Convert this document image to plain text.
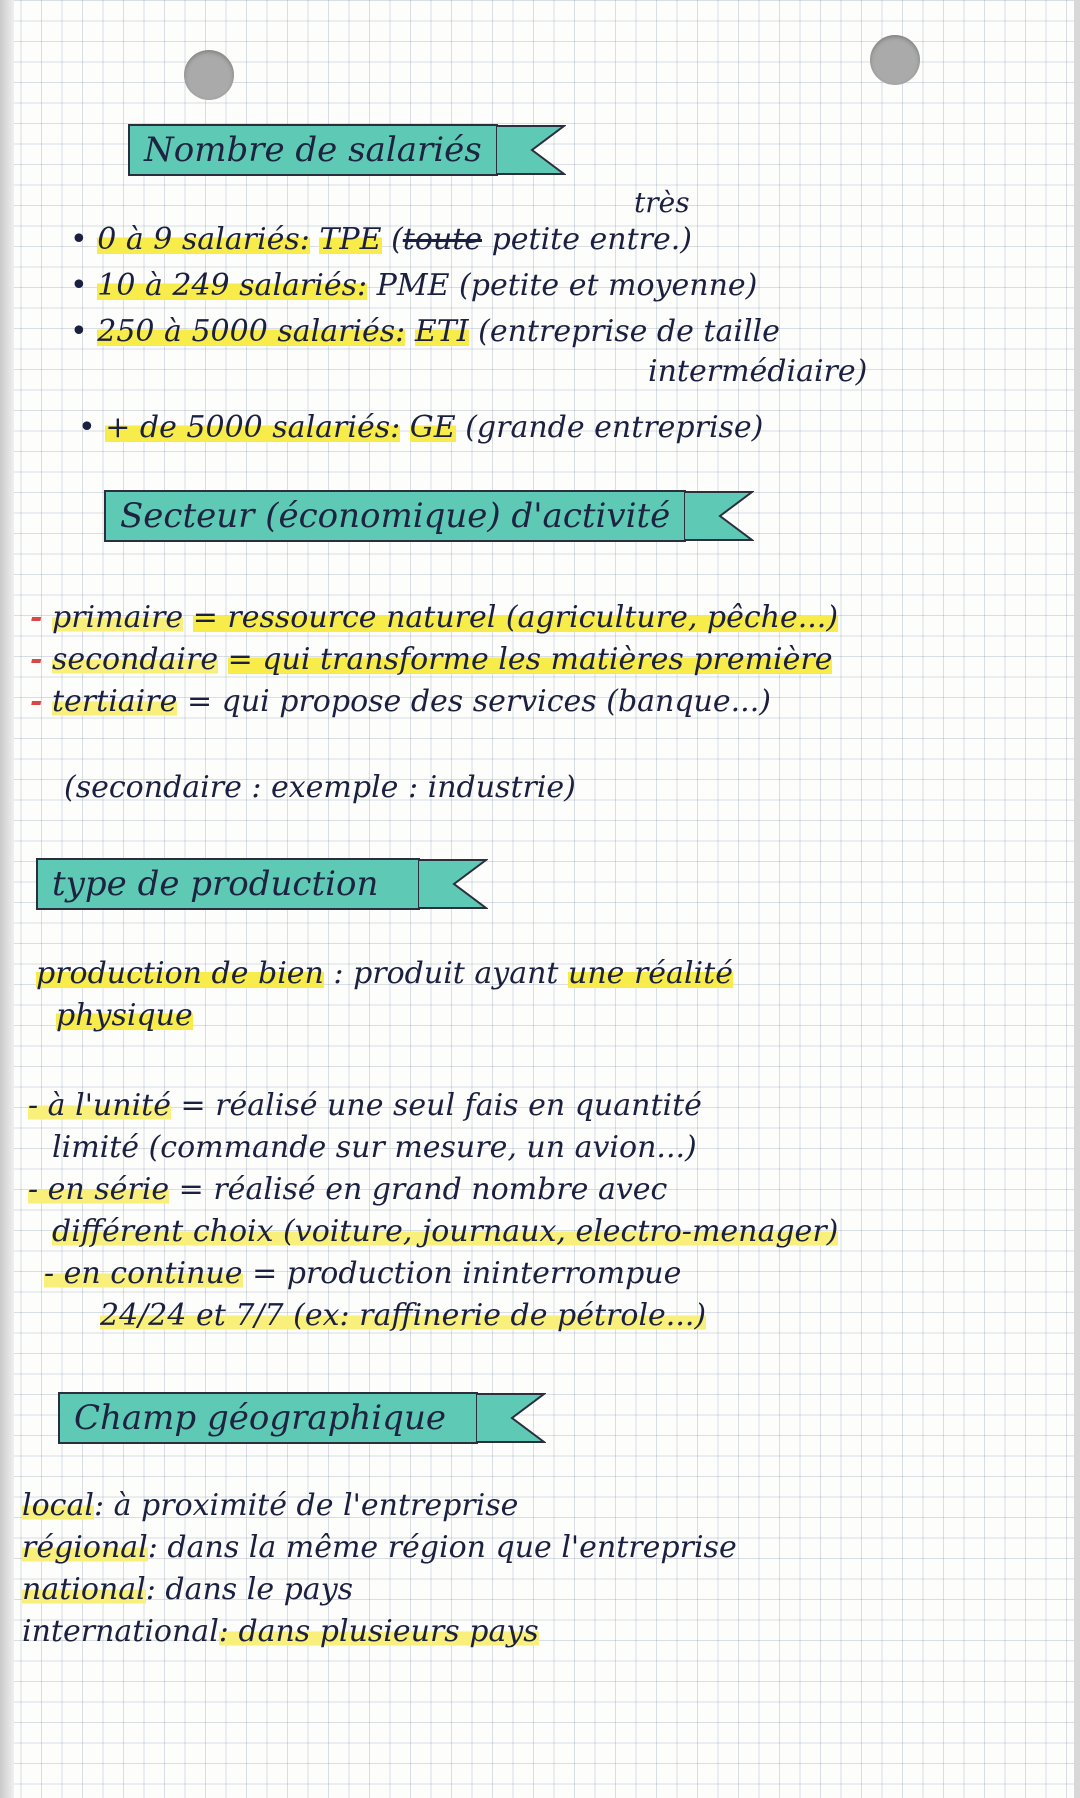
Nombre de salariés
très
• 0 à 9 salariés: TPE (toute petite entre.)
• 10 à 249 salariés: PME (petite et moyenne)
• 250 à 5000 salariés: ETI (entreprise de taille
intermédiaire)
• + de 5000 salariés: GE (grande entreprise)
Secteur (économique) d'activité
- primaire = ressource naturel (agriculture, pêche...)
- secondaire = qui transforme les matières première
- tertiaire = qui propose des services (banque...)
(secondaire : exemple : industrie)
type de production
production de bien : produit ayant une réalité
physique
- à l'unité = réalisé une seul fais en quantité
limité (commande sur mesure, un avion...)
- en série = réalisé en grand nombre avec
différent choix (voiture, journaux, electro-menager)
- en continue = production ininterrompue
24/24 et 7/7 (ex: raffinerie de pétrole...)
Champ géographique
local: à proximité de l'entreprise
régional: dans la même région que l'entreprise
national: dans le pays
international: dans plusieurs pays
